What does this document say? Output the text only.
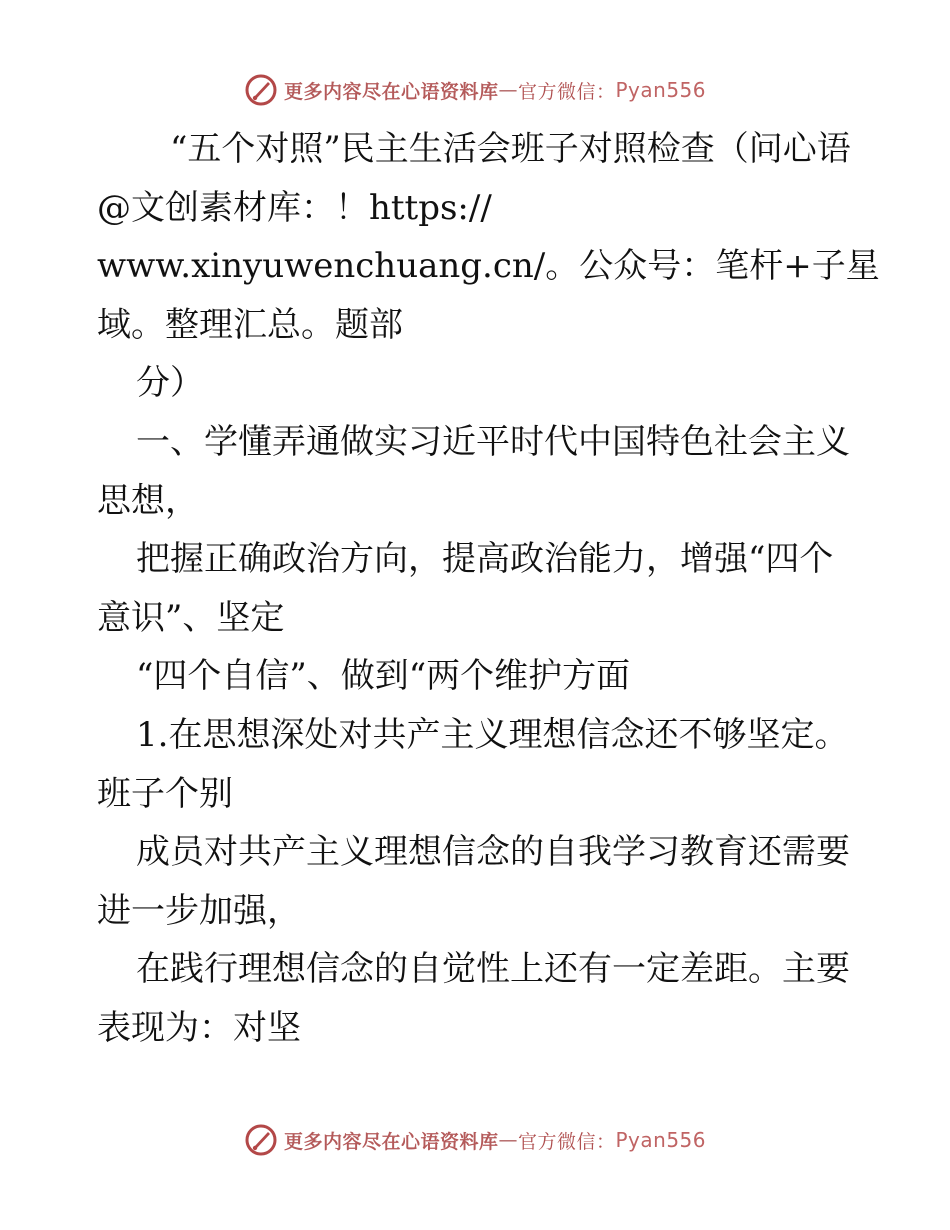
更多内容尽在心语资料库 — 官方微信： Pyan556
“五个对照”民主生活会班子对照检查（问心语
@文创素材库：！https://
www.xinyuwenchuang.cn/。公众号：笔杆+子星
域。整理汇总。题部
分）
一、学懂弄通做实习近平时代中国特色社会主义
思想，
把握正确政治方向，提高政治能力，增强“四个
意识”、坚定
“四个自信”、做到“两个维护方面
1.在思想深处对共产主义理想信念还不够坚定。
班子个别
成员对共产主义理想信念的自我学习教育还需要
进一步加强，
在践行理想信念的自觉性上还有一定差距。主要
表现为：对坚
更多内容尽在心语资料库 — 官方微信： Pyan556
